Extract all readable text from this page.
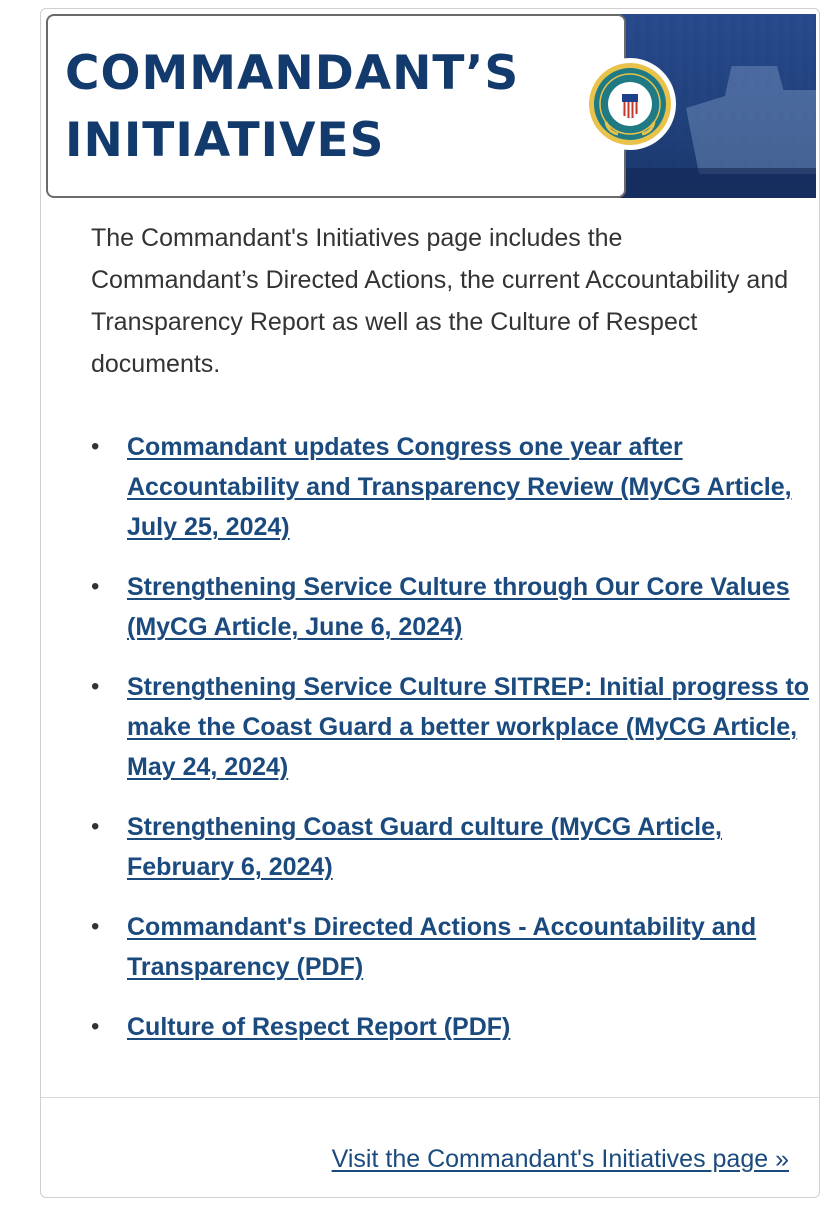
COMMANDANT’S
INITIATIVES

The Commandant's Initiatives page includes the Commandant’s Directed Actions, the current Accountability and Transparency Report as well as the Culture of Respect documents.

• Commandant updates Congress one year after Accountability and Transparency Review (MyCG Article, July 25, 2024)
• Strengthening Service Culture through Our Core Values (MyCG Article, June 6, 2024)
• Strengthening Service Culture SITREP: Initial progress to make the Coast Guard a better workplace (MyCG Article, May 24, 2024)
• Strengthening Coast Guard culture (MyCG Article, February 6, 2024)
• Commandant's Directed Actions - Accountability and Transparency (PDF)
• Culture of Respect Report (PDF)
Visit the Commandant's Initiatives page »
